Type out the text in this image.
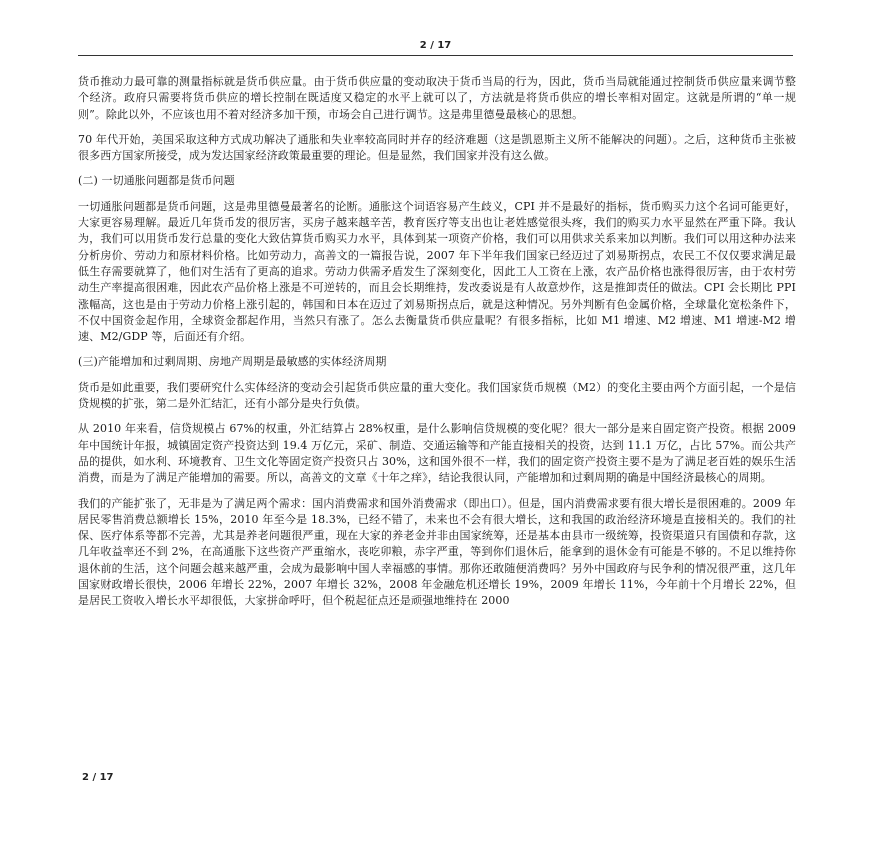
2 / 17

货币推动力最可靠的测量指标就是货币供应量。由于货币供应量的变动取决于货币当局的行为，因此，货币当局就能通过控制货币供应量来调节整个经济。政府只需要将货币供应的增长控制在既适度又稳定的水平上就可以了，方法就是将货币供应的增长率相对固定。这就是所谓的“单一规则”。除此以外，不应该也用不着对经济多加干预，市场会自己进行调节。这是弗里德曼最核心的思想。

70 年代开始，美国采取这种方式成功解决了通胀和失业率较高同时并存的经济难题（这是凯恩斯主义所不能解决的问题）。之后，这种货币主张被很多西方国家所接受，成为发达国家经济政策最重要的理论。但是显然，我们国家并没有这么做。

(二) 一切通胀问题都是货币问题

一切通胀问题都是货币问题，这是弗里德曼最著名的论断。通胀这个词语容易产生歧义，CPI 并不是最好的指标，货币购买力这个名词可能更好，大家更容易理解。最近几年货币发的很厉害，买房子越来越辛苦，教育医疗等支出也让老姓感觉很头疼，我们的购买力水平显然在严重下降。我认为，我们可以用货币发行总量的变化大致估算货币购买力水平，具体到某一项资产价格，我们可以用供求关系来加以判断。我们可以用这种办法来分析房价、劳动力和原材料价格。比如劳动力，高善文的一篇报告说，2007 年下半年我们国家已经迈过了刘易斯拐点，农民工不仅仅要求满足最低生存需要就算了，他们对生活有了更高的追求。劳动力供需矛盾发生了深刻变化，因此工人工资在上涨，农产品价格也涨得很厉害，由于农村劳动生产率提高很困难，因此农产品价格上涨是不可逆转的，而且会长期维持，发改委说是有人故意炒作，这是推卸责任的做法。CPI 会长期比 PPI 涨幅高，这也是由于劳动力价格上涨引起的，韩国和日本在迈过了刘易斯拐点后，就是这种情况。另外判断有色金属价格，全球量化宽松条件下，不仅中国资金起作用，全球资金都起作用，当然只有涨了。怎么去衡量货币供应量呢？有很多指标，比如 M1 增速、M2 增速、M1 增速-M2 增速、M2/GDP 等，后面还有介绍。

(三)产能增加和过剩周期、房地产周期是最敏感的实体经济周期

货币是如此重要，我们要研究什么实体经济的变动会引起货币供应量的重大变化。我们国家货币规模（M2）的变化主要由两个方面引起，一个是信贷规模的扩张，第二是外汇结汇，还有小部分是央行负债。

从 2010 年来看，信贷规模占 67%的权重，外汇结算占 28%权重，是什么影响信贷规模的变化呢？很大一部分是来自固定资产投资。根据 2009 年中国统计年报，城镇固定资产投资达到 19.4 万亿元，采矿、制造、交通运输等和产能直接相关的投资，达到 11.1 万亿，占比 57%。而公共产品的提供，如水利、环境教育、卫生文化等固定资产投资只占 30%，这和国外很不一样，我们的固定资产投资主要不是为了满足老百姓的娱乐生活消费，而是为了满足产能增加的需要。所以，高善文的文章《十年之痒》，结论我很认同，产能增加和过剩周期的确是中国经济最核心的周期。

我们的产能扩张了，无非是为了满足两个需求：国内消费需求和国外消费需求（即出口）。但是，国内消费需求要有很大增长是很困难的。2009 年居民零售消费总额增长 15%，2010 年至今是 18.3%，已经不错了，未来也不会有很大增长，这和我国的政治经济环境是直接相关的。我们的社保、医疗体系等都不完善，尤其是养老问题很严重，现在大家的养老金并非由国家统筹，还是基本由县市一级统筹，投资渠道只有国债和存款，这几年收益率还不到 2%，在高通胀下这些资产严重缩水，丧吃卯粮，赤字严重，等到你们退休后，能拿到的退休金有可能是不够的。不足以维持你退休前的生活，这个问题会越来越严重，会成为最影响中国人幸福感的事情。那你还敢随便消费吗？另外中国政府与民争利的情况很严重，这几年国家财政增长很快，2006 年增长 22%，2007 年增长 32%，2008 年金融危机还增长 19%，2009 年增长 11%，今年前十个月增长 22%，但是居民工资收入增长水平却很低，大家拼命呼吁，但个税起征点还是顽强地维持在 2000

2 / 17
